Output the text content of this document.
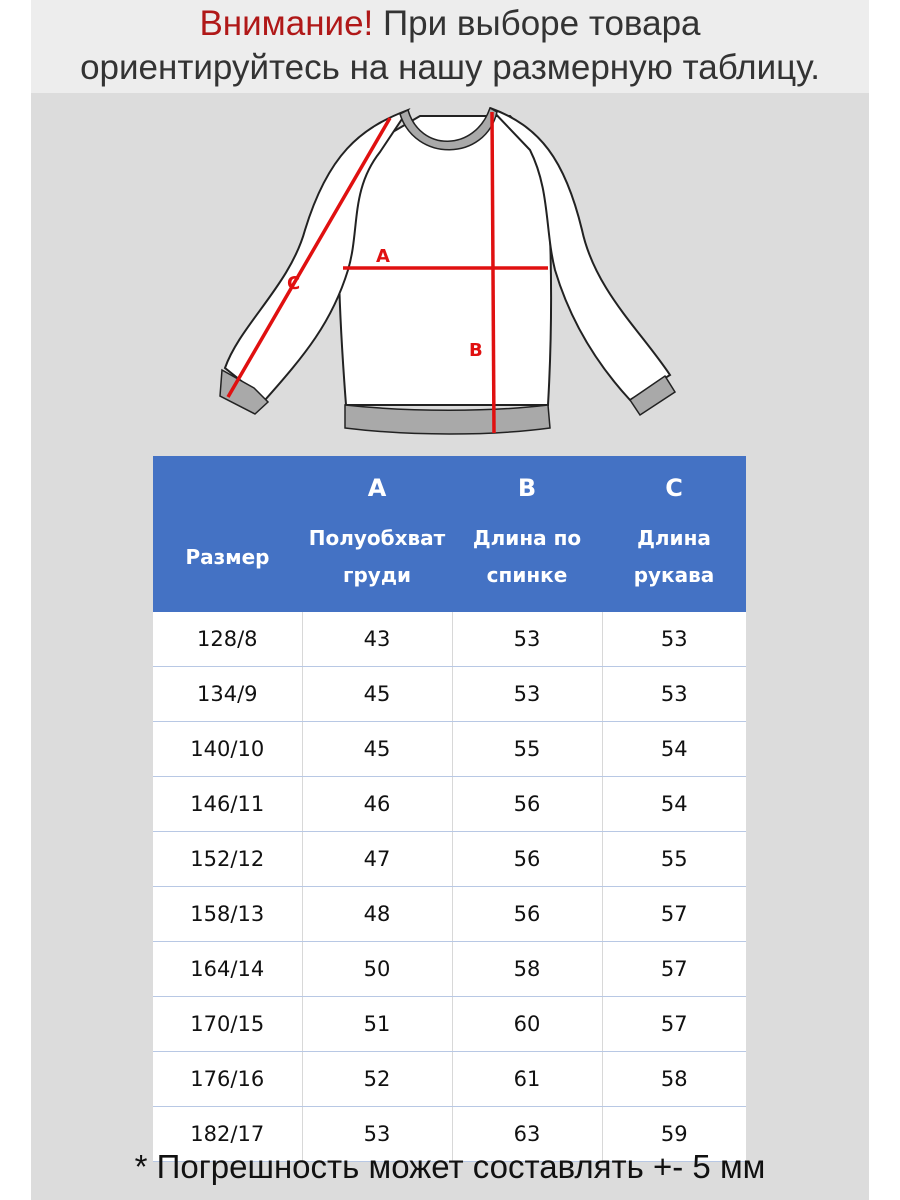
Внимание! При выборе товара
ориентируйтесь на нашу размерную таблицу.
A
B
C
	A	B	C
Размер	Полуобхват груди	Длина по спинке	Длина рукава
128/8	43	53	53
134/9	45	53	53
140/10	45	55	54
146/11	46	56	54
152/12	47	56	55
158/13	48	56	57
164/14	50	58	57
170/15	51	60	57
176/16	52	61	58
182/17	53	63	59
* Погрешность может составлять +- 5 мм
